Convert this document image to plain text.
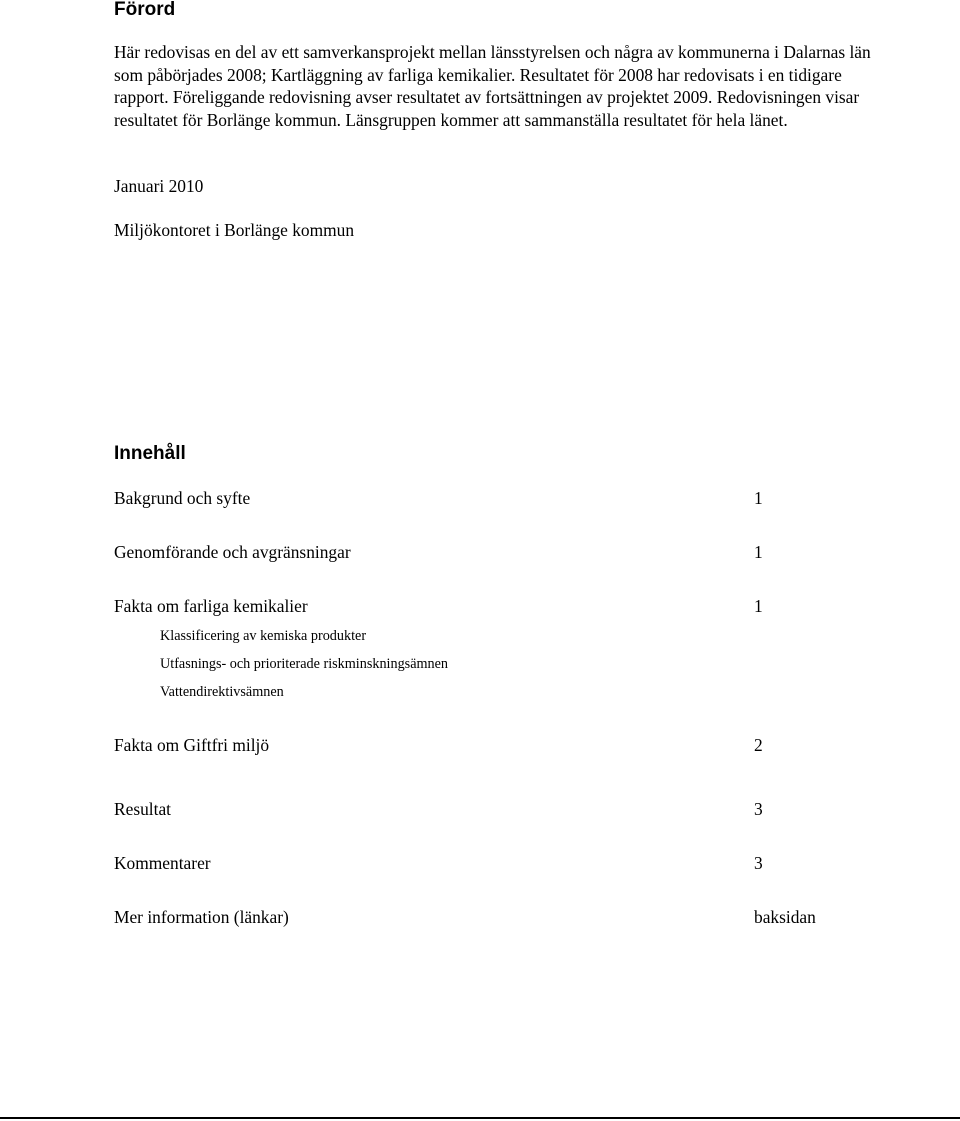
Förord

Här redovisas en del av ett samverkansprojekt mellan länsstyrelsen och några av kommunerna i Dalarnas län som påbörjades 2008; Kartläggning av farliga kemikalier. Resultatet för 2008 har redovisats i en tidigare rapport. Föreliggande redovisning avser resultatet av fortsättningen av projektet 2009. Redovisningen visar resultatet för Borlänge kommun. Länsgruppen kommer att sammanställa resultatet för hela länet.

Januari 2010

Miljökontoret i Borlänge kommun

Innehåll
Bakgrund och syfte	1
Genomförande och avgränsningar	1
Fakta om farliga kemikalier	1
Klassificering av kemiska produkter
Utfasnings- och prioriterade riskminskningsämnen
Vattendirektivsämnen
Fakta om Giftfri miljö	2
Resultat	3
Kommentarer	3
Mer information (länkar)	baksidan
